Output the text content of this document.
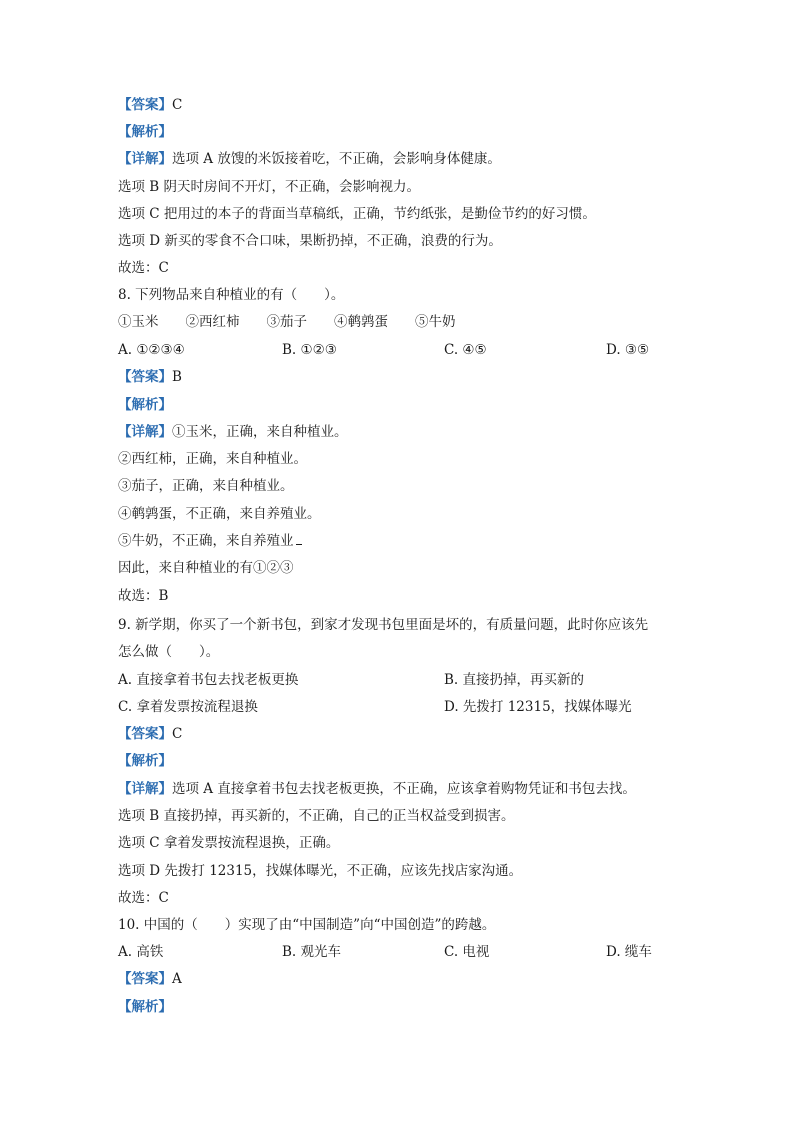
【答案】C
【解析】
【详解】选项 A 放馊的米饭接着吃，不正确，会影响身体健康。
选项 B 阴天时房间不开灯，不正确，会影响视力。
选项 C 把用过的本子的背面当草稿纸，正确，节约纸张，是勤俭节约的好习惯。
选项 D 新买的零食不合口味，果断扔掉，不正确，浪费的行为。
故选：C
8. 下列物品来自种植业的有（　　）。
①玉米　　②西红柿　　③茄子　　④鹌鹑蛋　　⑤牛奶
A. ①②③④	B. ①②③	C. ④⑤	D. ③⑤
【答案】B
【解析】
【详解】①玉米，正确，来自种植业。
②西红柿，正确，来自种植业。
③茄子，正确，来自种植业。
④鹌鹑蛋，不正确，来自养殖业。
⑤牛奶，不正确，来自养殖业
因此，来自种植业的有①②③
故选：B
9. 新学期，你买了一个新书包，到家才发现书包里面是坏的，有质量问题，此时你应该先
怎么做（　　）。
A. 直接拿着书包去找老板更换	B. 直接扔掉，再买新的
C. 拿着发票按流程退换	D. 先拨打 12315，找媒体曝光
【答案】C
【解析】
【详解】选项 A 直接拿着书包去找老板更换，不正确，应该拿着购物凭证和书包去找。
选项 B 直接扔掉，再买新的，不正确，自己的正当权益受到损害。
选项 C 拿着发票按流程退换，正确。
选项 D 先拨打 12315，找媒体曝光，不正确，应该先找店家沟通。
故选：C
10. 中国的（　　）实现了由“中国制造”向“中国创造”的跨越。
A. 高铁	B. 观光车	C. 电视	D. 缆车
【答案】A
【解析】
